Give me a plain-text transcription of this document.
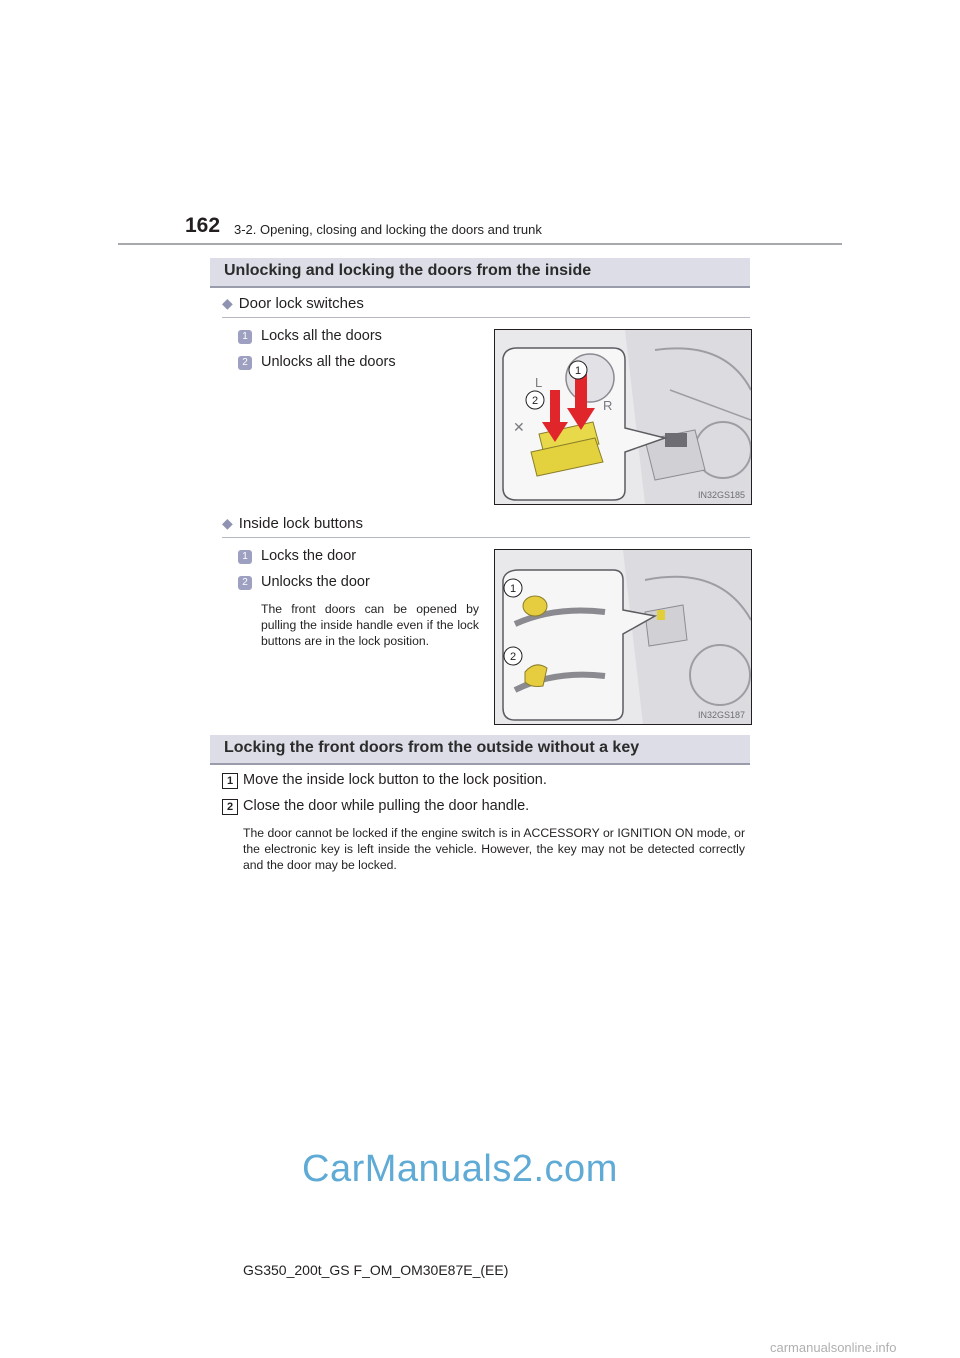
162 3-2. Opening, closing and locking the doors and trunk
Unlocking and locking the doors from the inside
◆ Door lock switches
1 Locks all the doors
2 Unlocks all the doors
L
R
✕
1
2
IN32GS185
◆ Inside lock buttons
1 Locks the door
2 Unlocks the door
The front doors can be opened by pulling the inside handle even if the lock buttons are in the lock position.
1
2
IN32GS187
Locking the front doors from the outside without a key
1 Move the inside lock button to the lock position.
2 Close the door while pulling the door handle.
The door cannot be locked if the engine switch is in ACCESSORY or IGNITION ON mode, or the electronic key is left inside the vehicle. However, the key may not be detected correctly and the door may be locked.
CarManuals2.com
GS350_200t_GS F_OM_OM30E87E_(EE)
carmanualsonline.info
